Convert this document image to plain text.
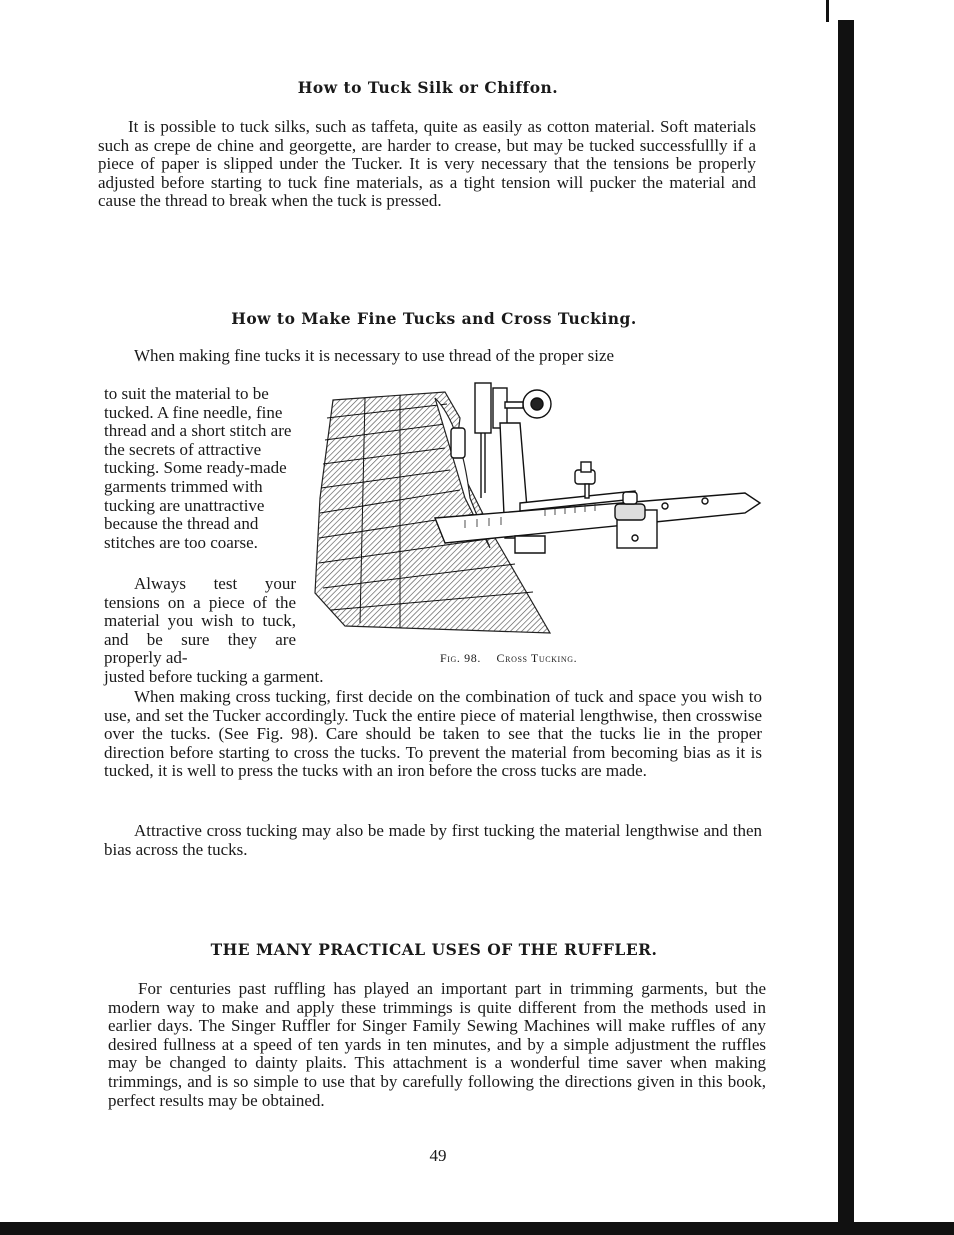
How to Tuck Silk or Chiffon.

It is possible to tuck silks, such as taffeta, quite as easily as cotton material. Soft materials such as crepe de chine and georgette, are harder to crease, but may be tucked successfullly if a piece of paper is slipped under the Tucker. It is very necessary that the tensions be properly adjusted before starting to tuck fine materials, as a tight tension will pucker the material and cause the thread to break when the tuck is pressed.

How to Make Fine Tucks and Cross Tucking.

When making fine tucks it is necessary to use thread of the proper size

to suit the material to be tucked. A fine needle, fine thread and a short stitch are the secrets of attractive tucking. Some ready-made garments trimmed with tucking are unattractive because the thread and stitches are too coarse.

Always test your tensions on a piece of the material you wish to tuck, and be sure they are properly ad-

justed before tucking a garment.

Fig. 98. Cross Tucking.

When making cross tucking, first decide on the combination of tuck and space you wish to use, and set the Tucker accordingly. Tuck the entire piece of material lengthwise, then crosswise over the tucks. (See Fig. 98). Care should be taken to see that the tucks lie in the proper direction before starting to cross the tucks. To prevent the material from becoming bias as it is tucked, it is well to press the tucks with an iron before the cross tucks are made.

Attractive cross tucking may also be made by first tucking the material lengthwise and then bias across the tucks.

THE MANY PRACTICAL USES OF THE RUFFLER.

For centuries past ruffling has played an important part in trimming garments, but the modern way to make and apply these trimmings is quite different from the methods used in earlier days. The Singer Ruffler for Singer Family Sewing Machines will make ruffles of any desired fullness at a speed of ten yards in ten minutes, and by a simple adjustment the ruffles may be changed to dainty plaits. This attachment is a wonderful time saver when making trimmings, and is so simple to use that by carefully following the directions given in this book, perfect results may be obtained.

49
